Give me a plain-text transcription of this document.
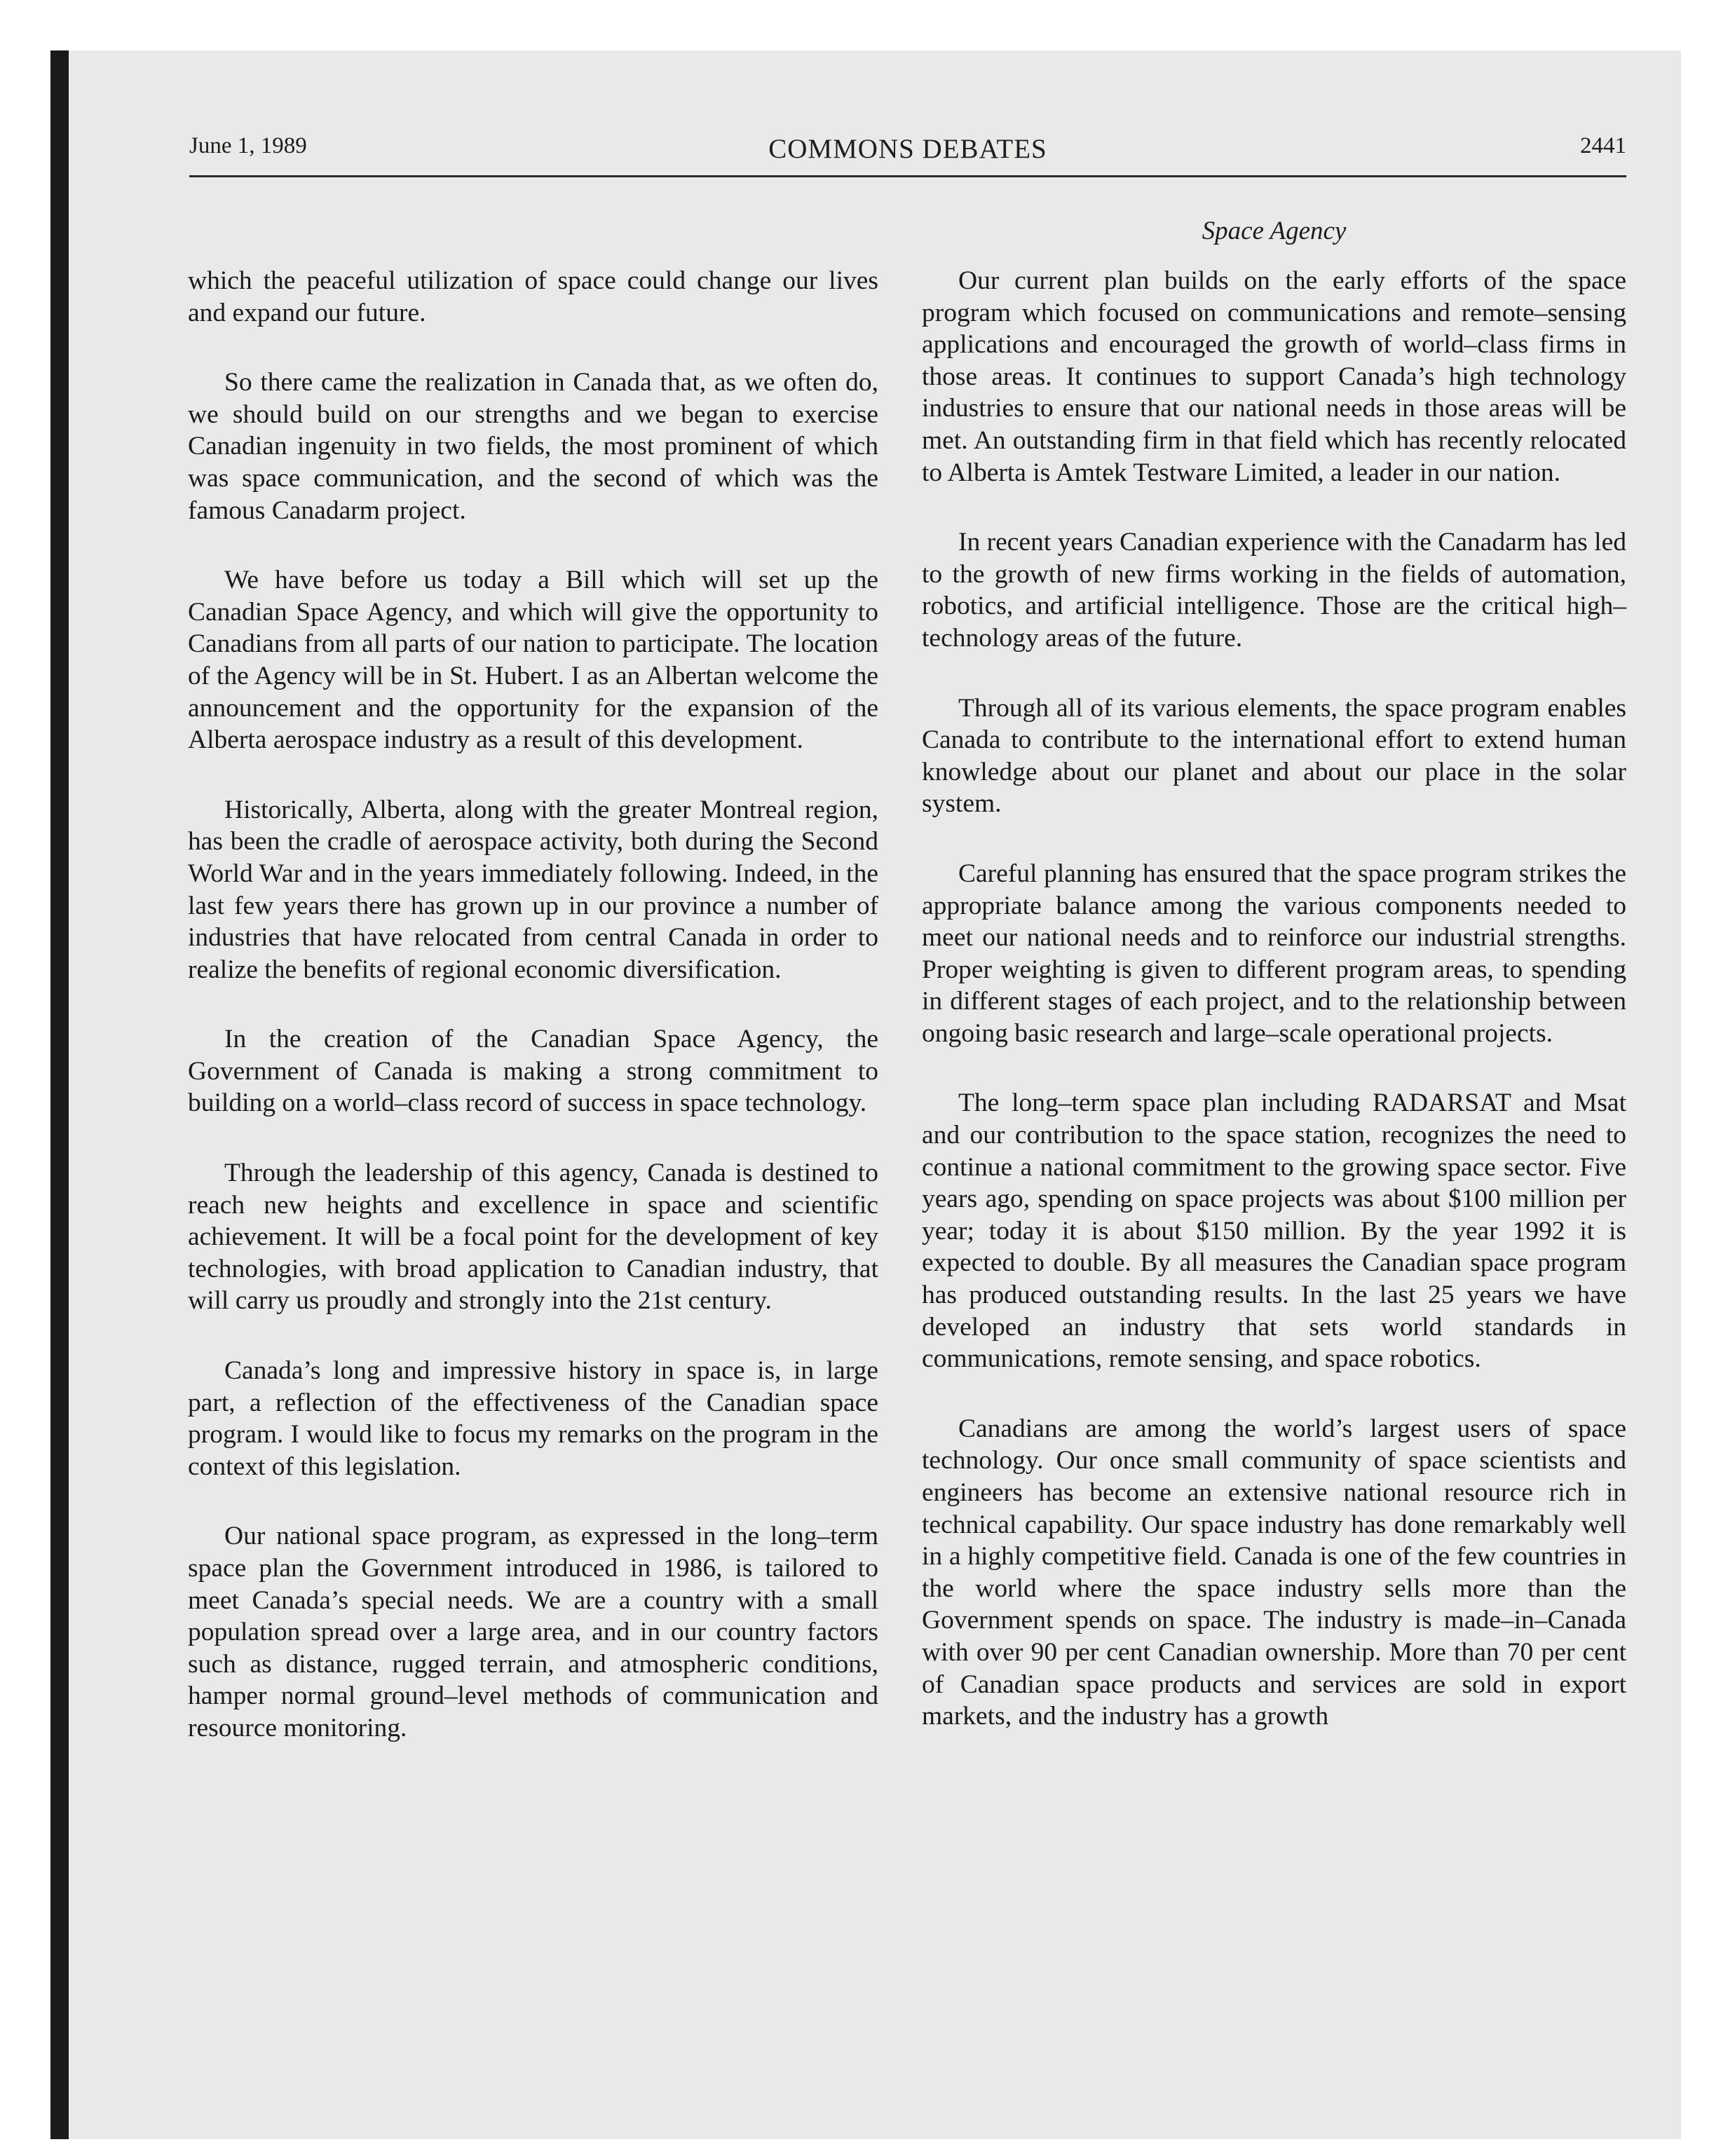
June 1, 1989	COMMONS DEBATES	2441
Space Agency

which the peaceful utilization of space could change our lives and expand our future.

So there came the realization in Canada that, as we often do, we should build on our strengths and we began to exercise Canadian ingenuity in two fields, the most prominent of which was space communication, and the second of which was the famous Canadarm project.

We have before us today a Bill which will set up the Canadian Space Agency, and which will give the opportunity to Canadians from all parts of our nation to participate. The location of the Agency will be in St. Hubert. I as an Albertan welcome the announcement and the opportunity for the expansion of the Alberta aerospace industry as a result of this development.

Historically, Alberta, along with the greater Montreal region, has been the cradle of aerospace activity, both during the Second World War and in the years immediately following. Indeed, in the last few years there has grown up in our province a number of industries that have relocated from central Canada in order to realize the benefits of regional economic diversification.

In the creation of the Canadian Space Agency, the Government of Canada is making a strong commitment to building on a world–class record of success in space technology.

Through the leadership of this agency, Canada is destined to reach new heights and excellence in space and scientific achievement. It will be a focal point for the development of key technologies, with broad application to Canadian industry, that will carry us proudly and strongly into the 21st century.

Canada’s long and impressive history in space is, in large part, a reflection of the effectiveness of the Canadian space program. I would like to focus my remarks on the program in the context of this legislation.

Our national space program, as expressed in the long–term space plan the Government introduced in 1986, is tailored to meet Canada’s special needs. We are a country with a small population spread over a large area, and in our country factors such as distance, rugged terrain, and atmospheric conditions, hamper normal ground–level methods of communication and resource monitoring.

Our current plan builds on the early efforts of the space program which focused on communications and remote–sensing applications and encouraged the growth of world–class firms in those areas. It continues to support Canada’s high technology industries to ensure that our national needs in those areas will be met. An outstanding firm in that field which has recently relocated to Alberta is Amtek Testware Limited, a leader in our nation.

In recent years Canadian experience with the Canadarm has led to the growth of new firms working in the fields of automation, robotics, and artificial intelligence. Those are the critical high–technology areas of the future.

Through all of its various elements, the space program enables Canada to contribute to the international effort to extend human knowledge about our planet and about our place in the solar system.

Careful planning has ensured that the space program strikes the appropriate balance among the various components needed to meet our national needs and to reinforce our industrial strengths. Proper weighting is given to different program areas, to spending in different stages of each project, and to the relationship between ongoing basic research and large–scale operational projects.

The long–term space plan including RADARSAT and Msat and our contribution to the space station, recognizes the need to continue a national commitment to the growing space sector. Five years ago, spending on space projects was about $100 million per year; today it is about $150 million. By the year 1992 it is expected to double. By all measures the Canadian space program has produced outstanding results. In the last 25 years we have developed an industry that sets world standards in communications, remote sensing, and space robotics.

Canadians are among the world’s largest users of space technology. Our once small community of space scientists and engineers has become an extensive national resource rich in technical capability. Our space industry has done remarkably well in a highly competitive field. Canada is one of the few countries in the world where the space industry sells more than the Government spends on space. The industry is made–in–Canada with over 90 per cent Canadian ownership. More than 70 per cent of Canadian space products and services are sold in export markets, and the industry has a growth
